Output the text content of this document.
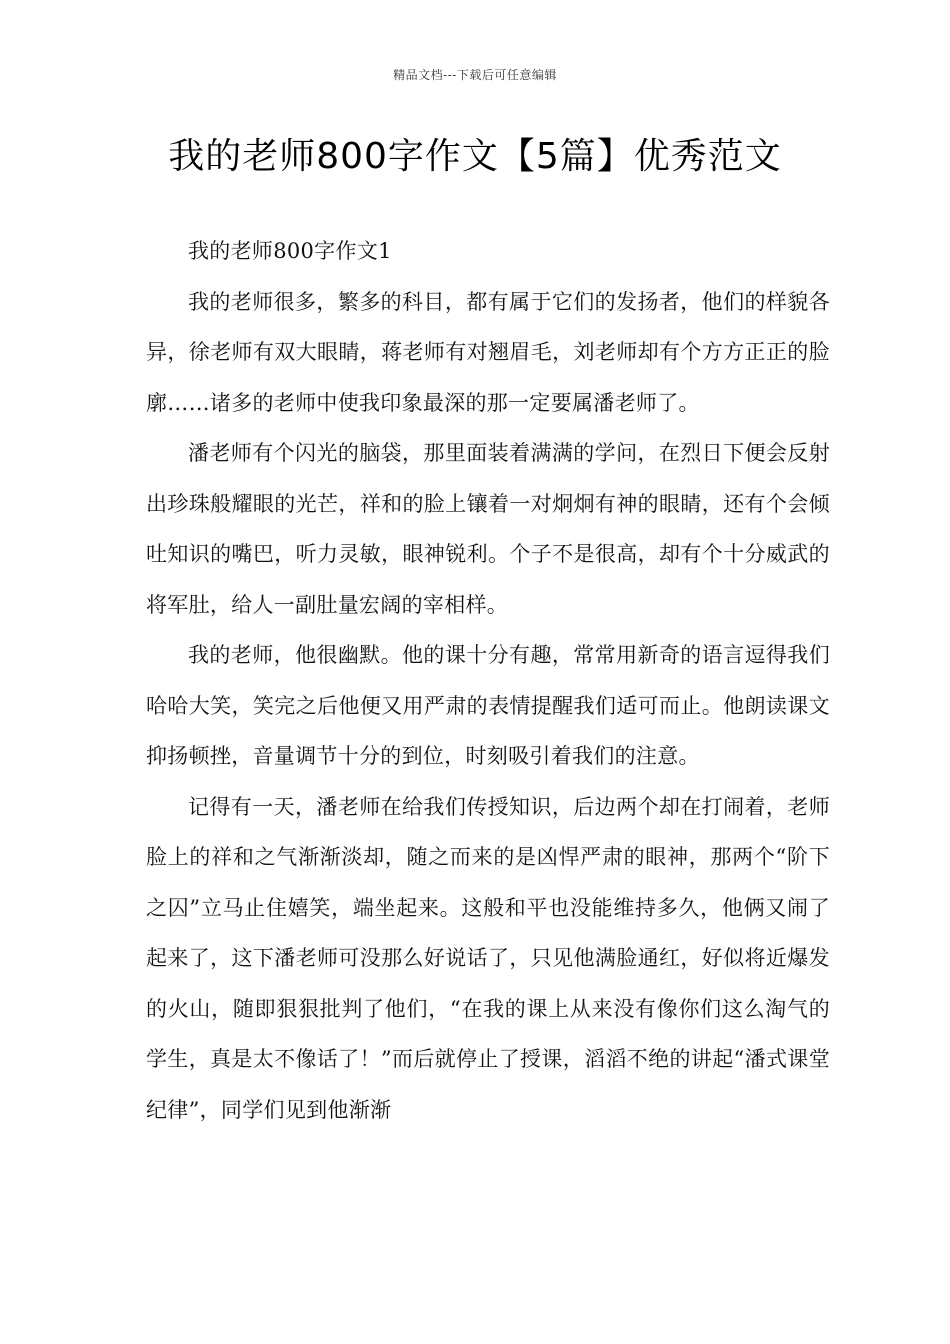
精品文档---下载后可任意编辑
我的老师800字作文【5篇】优秀范文

我的老师800字作文1

我的老师很多，繁多的科目，都有属于它们的发扬者，他们的样貌各异，徐老师有双大眼睛，蒋老师有对翘眉毛，刘老师却有个方方正正的脸廓……诸多的老师中使我印象最深的那一定要属潘老师了。

潘老师有个闪光的脑袋，那里面装着满满的学问，在烈日下便会反射出珍珠般耀眼的光芒，祥和的脸上镶着一对炯炯有神的眼睛，还有个会倾吐知识的嘴巴，听力灵敏，眼神锐利。个子不是很高，却有个十分威武的将军肚，给人一副肚量宏阔的宰相样。

我的老师，他很幽默。他的课十分有趣，常常用新奇的语言逗得我们哈哈大笑，笑完之后他便又用严肃的表情提醒我们适可而止。他朗读课文抑扬顿挫，音量调节十分的到位，时刻吸引着我们的注意。

记得有一天，潘老师在给我们传授知识，后边两个却在打闹着，老师脸上的祥和之气渐渐淡却，随之而来的是凶悍严肃的眼神，那两个“阶下之囚”立马止住嬉笑，端坐起来。这般和平也没能维持多久，他俩又闹了起来了，这下潘老师可没那么好说话了，只见他满脸通红，好似将近爆发的火山，随即狠狠批判了他们，“在我的课上从来没有像你们这么淘气的学生，真是太不像话了！”而后就停止了授课，滔滔不绝的讲起“潘式课堂纪律”，同学们见到他渐渐
